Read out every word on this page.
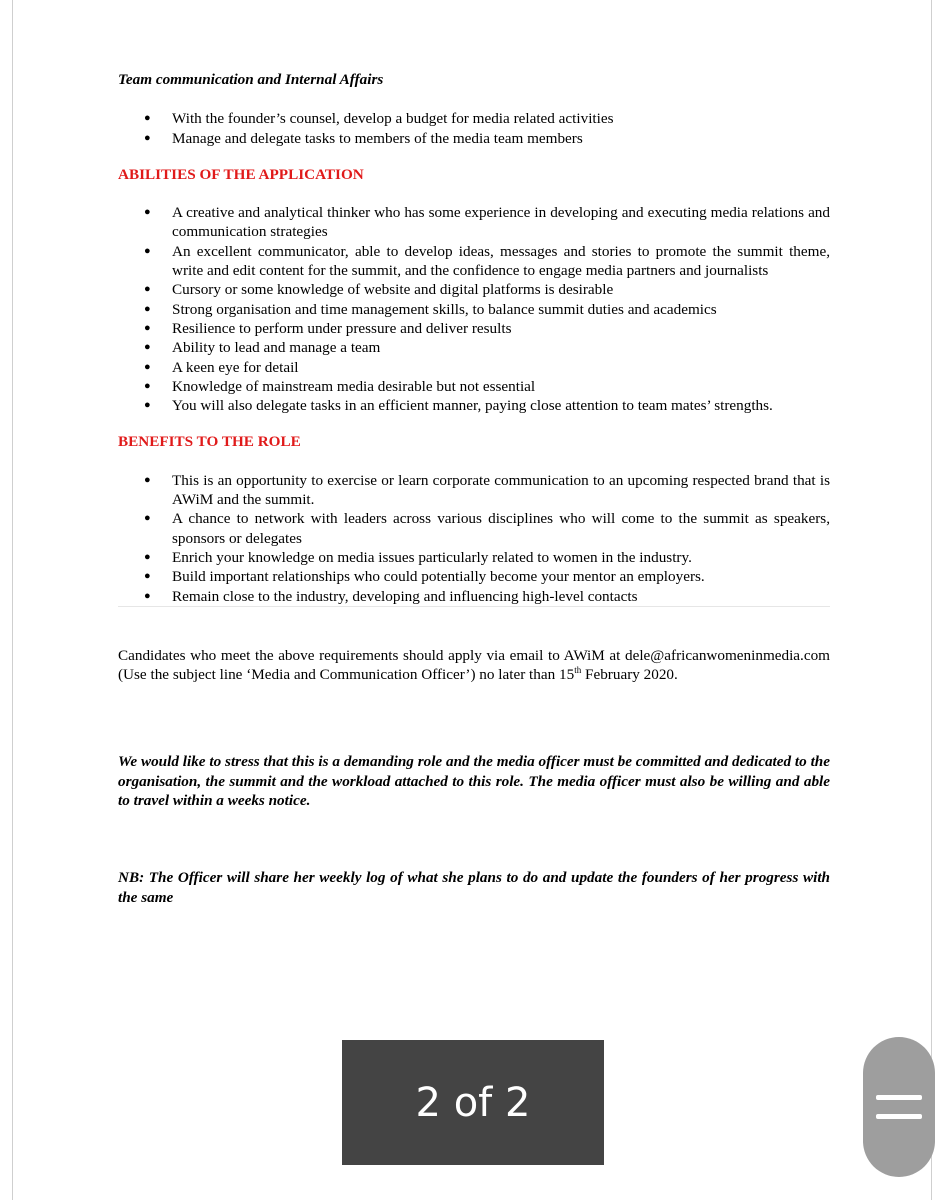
Team communication and Internal Affairs

● With the founder’s counsel, develop a budget for media related activities
● Manage and delegate tasks to members of the media team members

ABILITIES OF THE APPLICATION

● A creative and analytical thinker who has some experience in developing and executing media relations and communication strategies
● An excellent communicator, able to develop ideas, messages and stories to promote the summit theme, write and edit content for the summit, and the confidence to engage media partners and journalists
● Cursory or some knowledge of website and digital platforms is desirable
● Strong organisation and time management skills, to balance summit duties and academics
● Resilience to perform under pressure and deliver results
● Ability to lead and manage a team
● A keen eye for detail
● Knowledge of mainstream media desirable but not essential
● You will also delegate tasks in an efficient manner, paying close attention to team mates’ strengths.

BENEFITS TO THE ROLE

● This is an opportunity to exercise or learn corporate communication to an upcoming respected brand that is AWiM and the summit.
● A chance to network with leaders across various disciplines who will come to the summit as speakers, sponsors or delegates
● Enrich your knowledge on media issues particularly related to women in the industry.
● Build important relationships who could potentially become your mentor an employers.
● Remain close to the industry, developing and influencing high-level contacts

Candidates who meet the above requirements should apply via email to AWiM at dele@africanwomeninmedia.com (Use the subject line ‘Media and Communication Officer’) no later than 15th February 2020.

We would like to stress that this is a demanding role and the media officer must be committed and dedicated to the organisation, the summit and the workload attached to this role. The media officer must also be willing and able to travel within a weeks notice.

NB: The Officer will share her weekly log of what she plans to do and update the founders of her progress with the same

2 of 2
